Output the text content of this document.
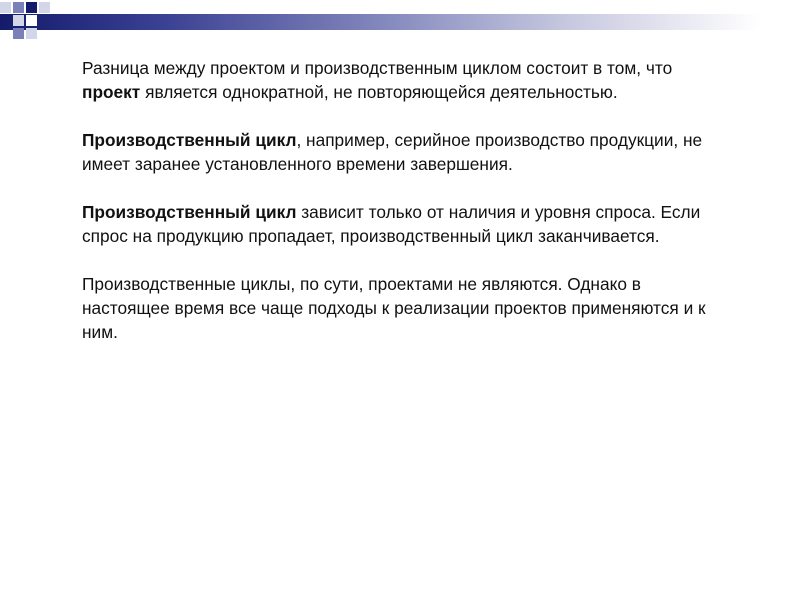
Разница между проектом и производственным циклом состоит в том, что проект является однократной, не повторяющейся деятельностью.

Производственный цикл, например, серийное производство продукции, не имеет заранее установленного времени завершения.

Производственный цикл зависит только от наличия и уровня спроса. Если спрос на продукцию пропадает, производственный цикл заканчивается.

Производственные циклы, по сути, проектами не являются. Однако в настоящее время все чаще подходы к реализации проектов применяются и к ним.
